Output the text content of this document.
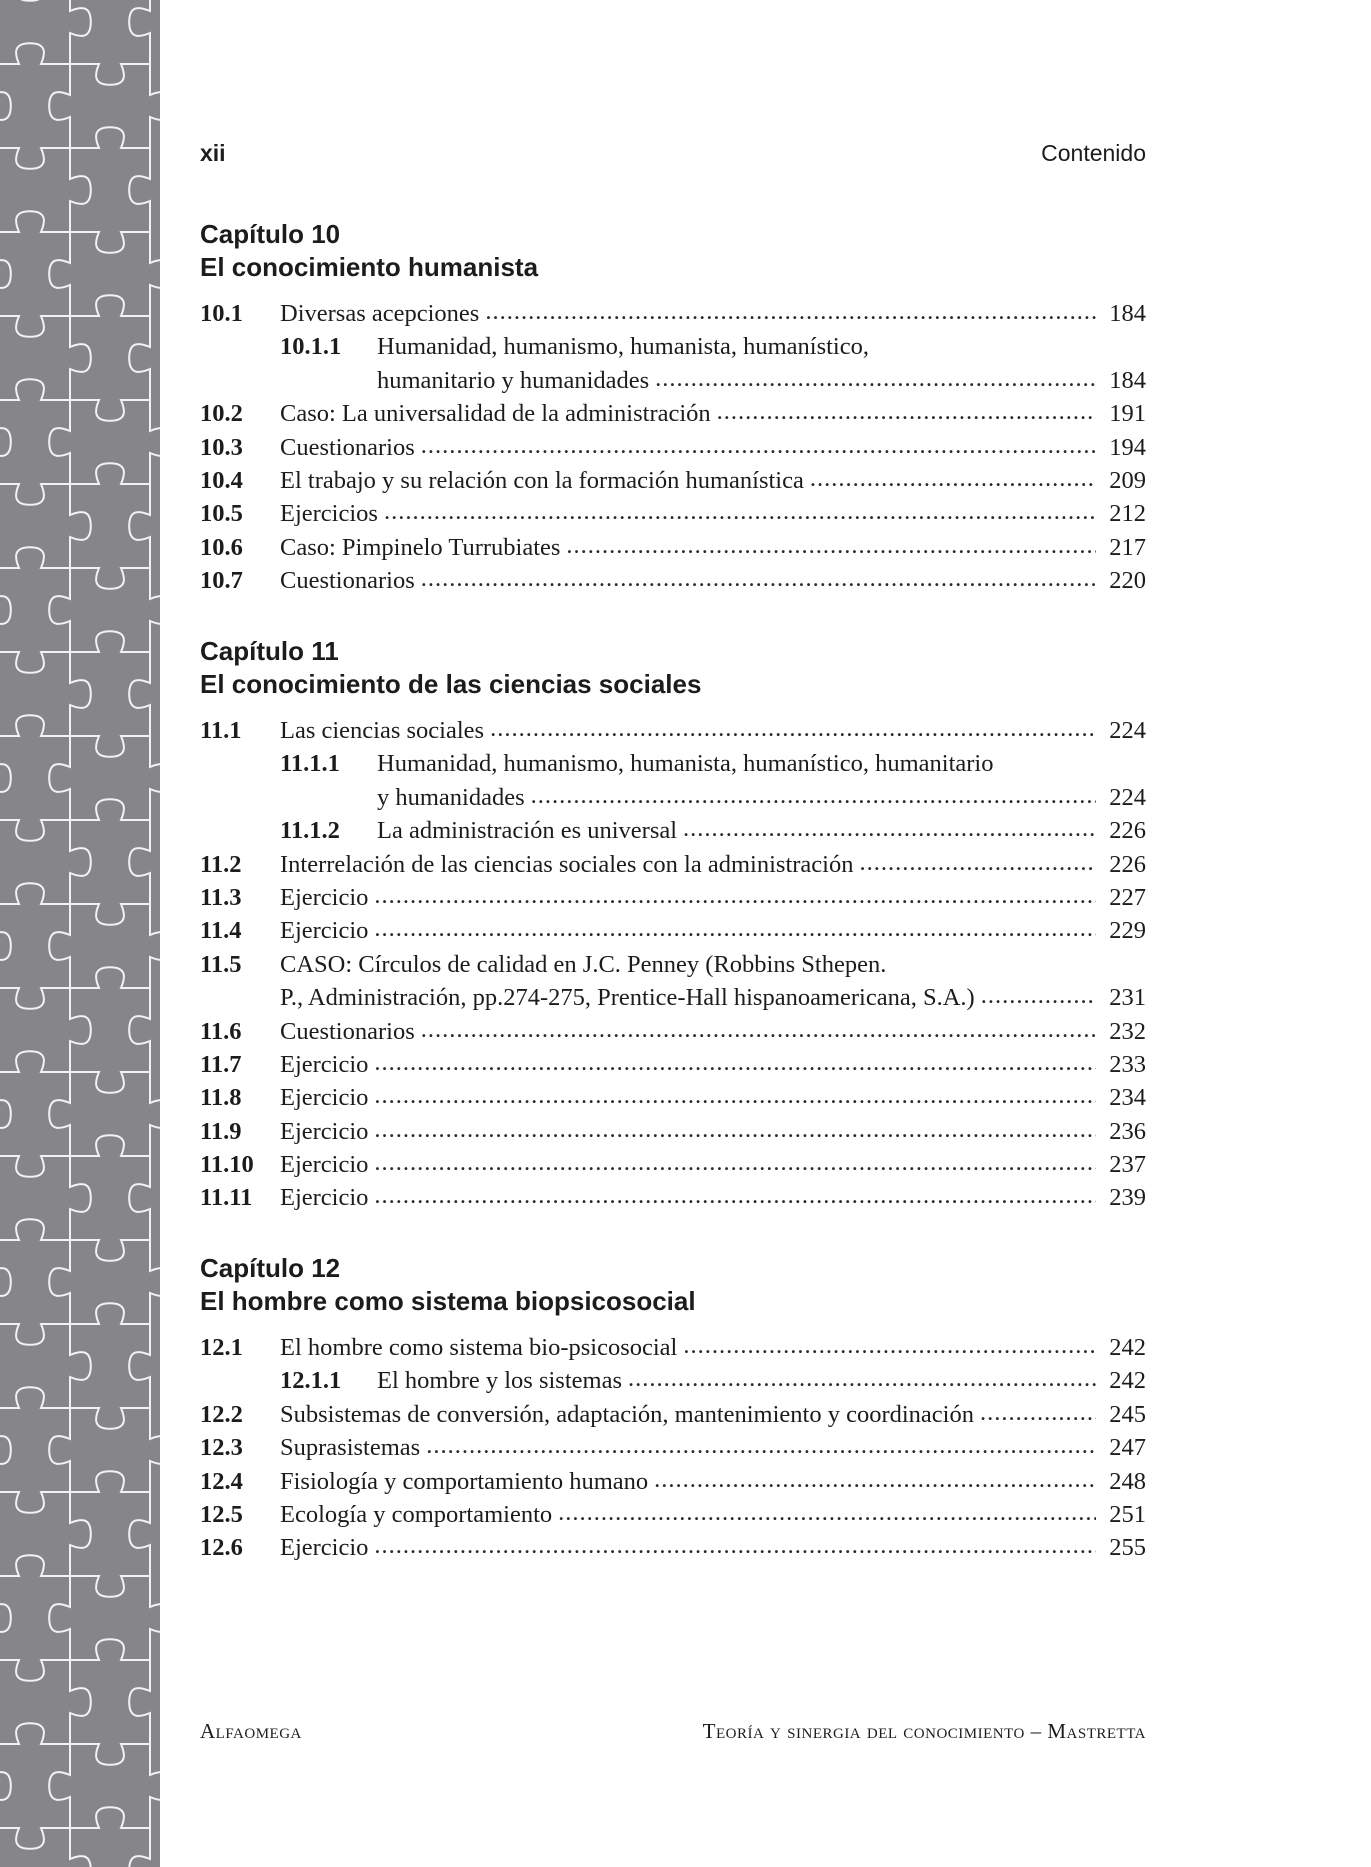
xii	Contenido
Capítulo 10
El conocimiento humanista
10.1	Diversas acepciones .....	184
10.1.1	Humanidad, humanismo, humanista, humanístico,
humanitario y humanidades .....	184
10.2	Caso: La universalidad de la administración .....	191
10.3	Cuestionarios .....	194
10.4	El trabajo y su relación con la formación humanística .....	209
10.5	Ejercicios .....	212
10.6	Caso: Pimpinelo Turrubiates .....	217
10.7	Cuestionarios .....	220
Capítulo 11
El conocimiento de las ciencias sociales
11.1	Las ciencias sociales .....	224
11.1.1	Humanidad, humanismo, humanista, humanístico, humanitario
y humanidades .....	224
11.1.2	La administración es universal .....	226
11.2	Interrelación de las ciencias sociales con la administración .....	226
11.3	Ejercicio .....	227
11.4	Ejercicio .....	229
11.5	CASO: Círculos de calidad en J.C. Penney (Robbins Sthepen.
P., Administración, pp.274-275, Prentice-Hall hispanoamericana, S.A.) .....	231
11.6	Cuestionarios .....	232
11.7	Ejercicio .....	233
11.8	Ejercicio .....	234
11.9	Ejercicio .....	236
11.10	Ejercicio .....	237
11.11	Ejercicio .....	239
Capítulo 12
El hombre como sistema biopsicosocial
12.1	El hombre como sistema bio-psicosocial .....	242
12.1.1	El hombre y los sistemas .....	242
12.2	Subsistemas de conversión, adaptación, mantenimiento y coordinación .....	245
12.3	Suprasistemas .....	247
12.4	Fisiología y comportamiento humano .....	248
12.5	Ecología y comportamiento .....	251
12.6	Ejercicio .....	255
Alfaomega	Teoría y sinergia del conocimiento – Mastretta
